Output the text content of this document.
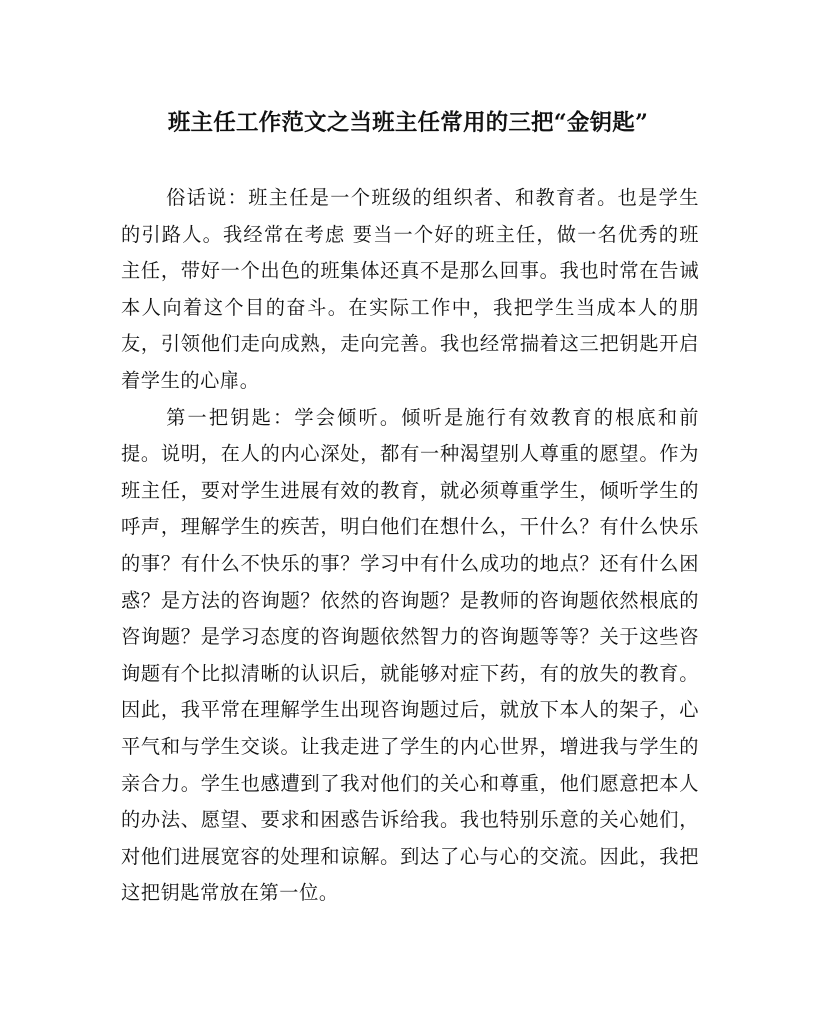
班主任工作范文之当班主任常用的三把“金钥匙”

俗话说：班主任是一个班级的组织者、和教育者。也是学生的引路人。我经常在考虑 要当一个好的班主任，做一名优秀的班主任，带好一个出色的班集体还真不是那么回事。我也时常在告诫本人向着这个目的奋斗。在实际工作中，我把学生当成本人的朋友，引领他们走向成熟，走向完善。我也经常揣着这三把钥匙开启着学生的心扉。

第一把钥匙：学会倾听。倾听是施行有效教育的根底和前提。说明，在人的内心深处，都有一种渴望别人尊重的愿望。作为班主任，要对学生进展有效的教育，就必须尊重学生，倾听学生的呼声，理解学生的疾苦，明白他们在想什么，干什么？有什么快乐的事？有什么不快乐的事？学习中有什么成功的地点？还有什么困惑？是方法的咨询题？依然的咨询题？是教师的咨询题依然根底的咨询题？是学习态度的咨询题依然智力的咨询题等等？关于这些咨询题有个比拟清晰的认识后，就能够对症下药，有的放失的教育。因此，我平常在理解学生出现咨询题过后，就放下本人的架子，心平气和与学生交谈。让我走进了学生的内心世界，增进我与学生的亲合力。学生也感遭到了我对他们的关心和尊重，他们愿意把本人的办法、愿望、要求和困惑告诉给我。我也特别乐意的关心她们，对他们进展宽容的处理和谅解。到达了心与心的交流。因此，我把这把钥匙常放在第一位。
